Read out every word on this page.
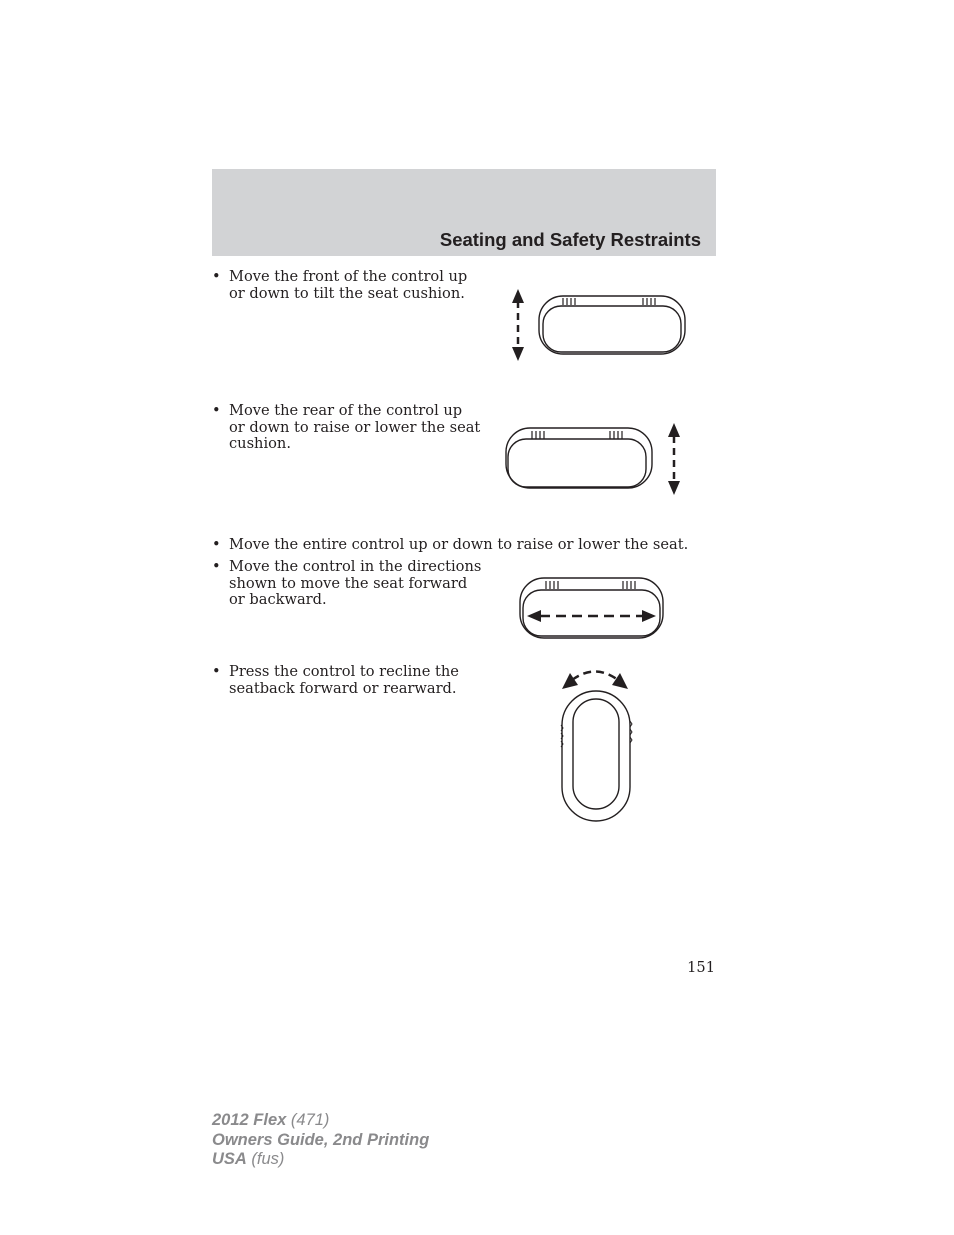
Seating and Safety Restraints
• Move the front of the control up
or down to tilt the seat cushion.
• Move the rear of the control up
or down to raise or lower the seat
cushion.
• Move the entire control up or down to raise or lower the seat.
• Move the control in the directions
shown to move the seat forward
or backward.
• Press the control to recline the
seatback forward or rearward.
151
2012 Flex (471)
Owners Guide, 2nd Printing
USA (fus)
